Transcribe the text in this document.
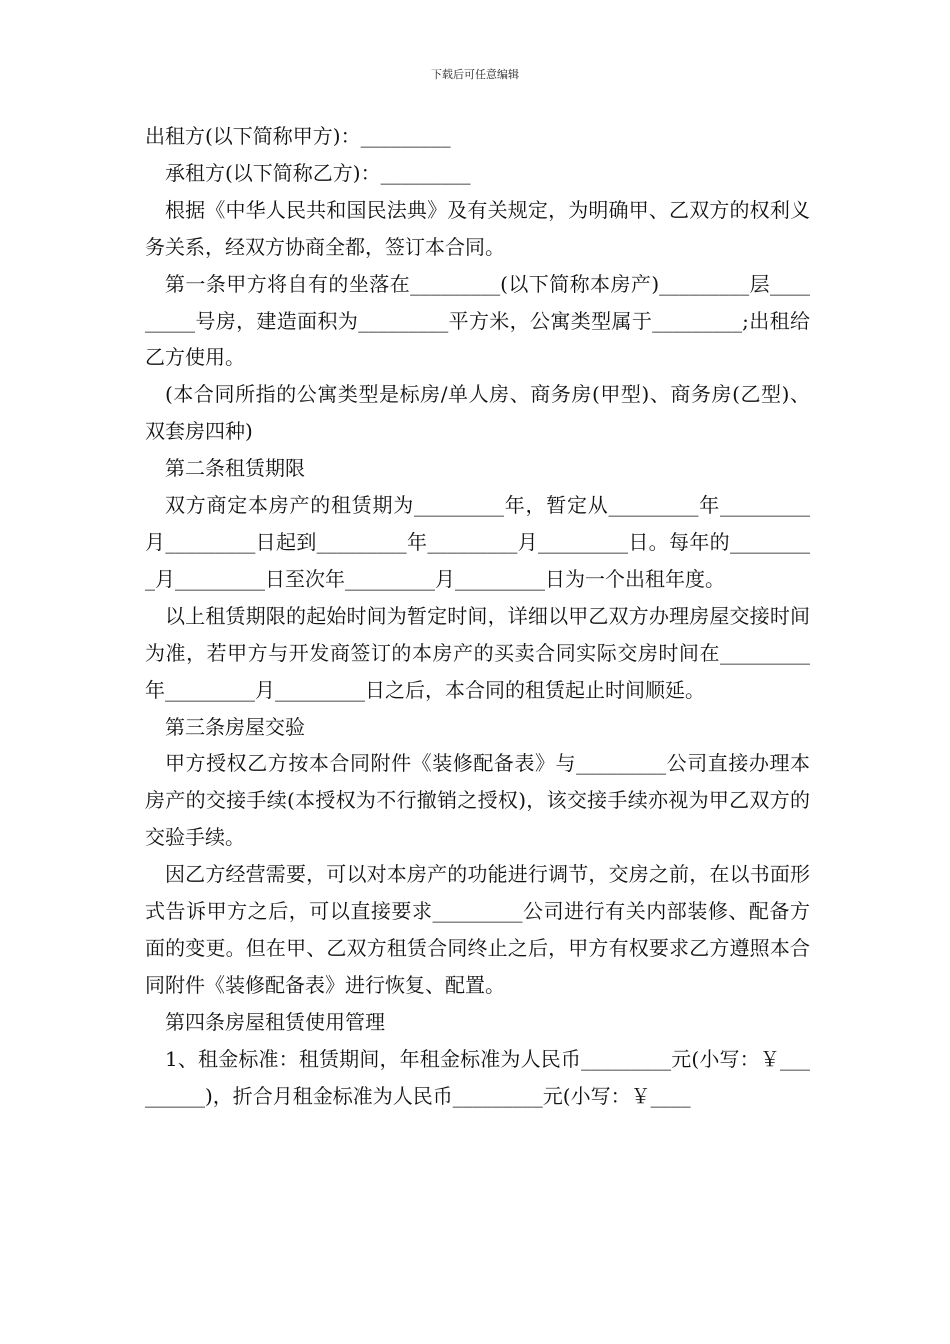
下载后可任意编辑

出租方(以下简称甲方)：_________

承租方(以下简称乙方)：_________

根据《中华人民共和国民法典》及有关规定，为明确甲、乙双方的权利义务关系，经双方协商全都，签订本合同。

第一条甲方将自有的坐落在_________(以下简称本房产)_________层_________号房，建造面积为_________平方米，公寓类型属于_________;出租给乙方使用。

(本合同所指的公寓类型是标房/单人房、商务房(甲型)、商务房(乙型)、双套房四种)

第二条租赁期限

双方商定本房产的租赁期为_________年，暂定从_________年_________月_________日起到_________年_________月_________日。每年的_________月_________日至次年_________月_________日为一个出租年度。

以上租赁期限的起始时间为暂定时间，详细以甲乙双方办理房屋交接时间为准，若甲方与开发商签订的本房产的买卖合同实际交房时间在_________年_________月_________日之后，本合同的租赁起止时间顺延。

第三条房屋交验

甲方授权乙方按本合同附件《装修配备表》与_________公司直接办理本房产的交接手续(本授权为不行撤销之授权)，该交接手续亦视为甲乙双方的交验手续。

因乙方经营需要，可以对本房产的功能进行调节，交房之前，在以书面形式告诉甲方之后，可以直接要求_________公司进行有关内部装修、配备方面的变更。但在甲、乙双方租赁合同终止之后，甲方有权要求乙方遵照本合同附件《装修配备表》进行恢复、配置。

第四条房屋租赁使用管理

1、租金标准：租赁期间，年租金标准为人民币_________元(小写：￥_________)，折合月租金标准为人民币_________元(小写：￥____
